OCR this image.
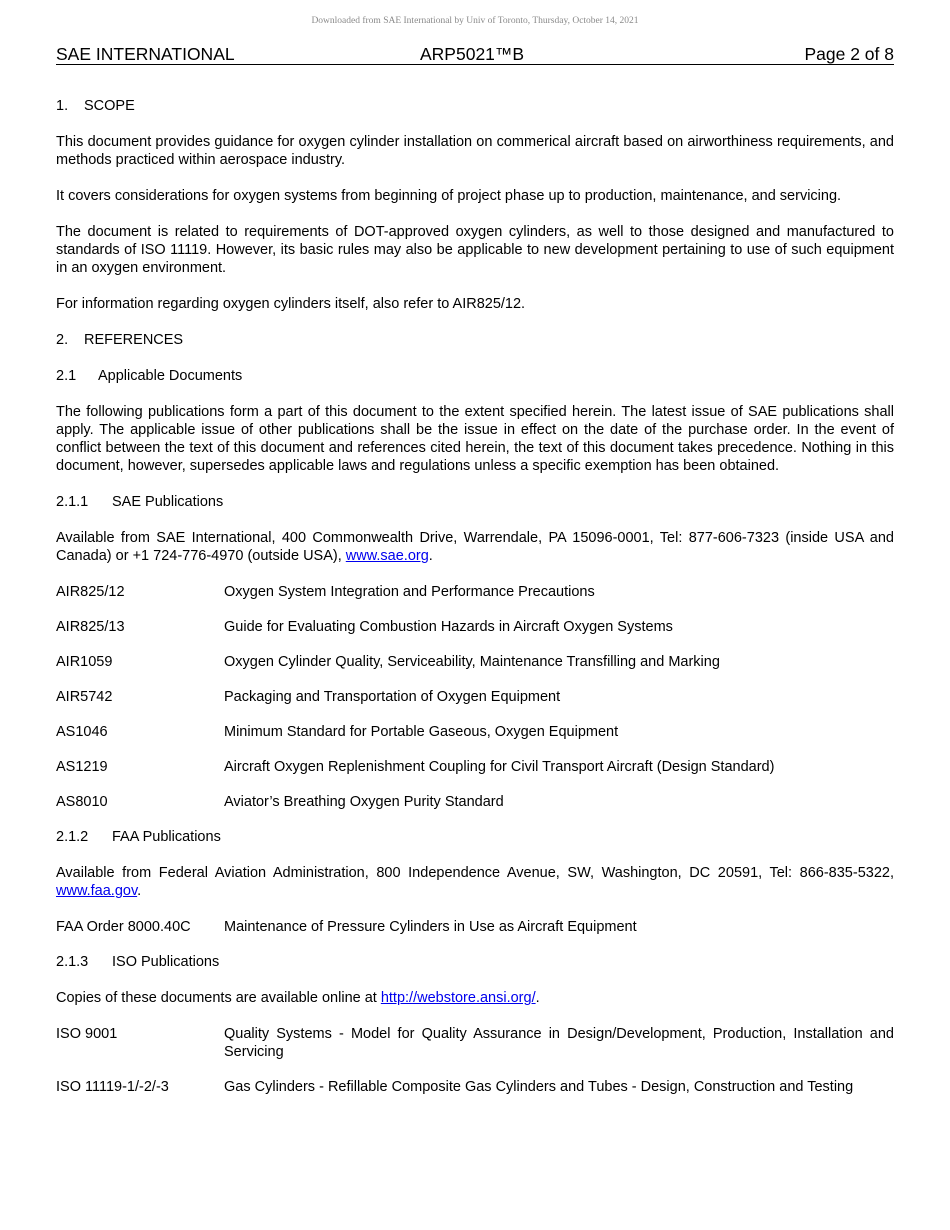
Downloaded from SAE International by Univ of Toronto, Thursday, October 14, 2021
SAE INTERNATIONAL	ARP5021™B	Page 2 of 8
1. SCOPE

This document provides guidance for oxygen cylinder installation on commerical aircraft based on airworthiness requirements, and methods practiced within aerospace industry.

It covers considerations for oxygen systems from beginning of project phase up to production, maintenance, and servicing.

The document is related to requirements of DOT-approved oxygen cylinders, as well to those designed and manufactured to standards of ISO 11119. However, its basic rules may also be applicable to new development pertaining to use of such equipment in an oxygen environment.

For information regarding oxygen cylinders itself, also refer to AIR825/12.

2. REFERENCES
2.1 Applicable Documents

The following publications form a part of this document to the extent specified herein. The latest issue of SAE publications shall apply. The applicable issue of other publications shall be the issue in effect on the date of the purchase order. In the event of conflict between the text of this document and references cited herein, the text of this document takes precedence. Nothing in this document, however, supersedes applicable laws and regulations unless a specific exemption has been obtained.

2.1.1 SAE Publications

Available from SAE International, 400 Commonwealth Drive, Warrendale, PA 15096-0001, Tel: 877-606-7323 (inside USA and Canada) or +1 724-776-4970 (outside USA), www.sae.org.

AIR825/12	Oxygen System Integration and Performance Precautions
AIR825/13	Guide for Evaluating Combustion Hazards in Aircraft Oxygen Systems
AIR1059	Oxygen Cylinder Quality, Serviceability, Maintenance Transfilling and Marking
AIR5742	Packaging and Transportation of Oxygen Equipment
AS1046	Minimum Standard for Portable Gaseous, Oxygen Equipment
AS1219	Aircraft Oxygen Replenishment Coupling for Civil Transport Aircraft (Design Standard)
AS8010	Aviator’s Breathing Oxygen Purity Standard
2.1.2 FAA Publications

Available from Federal Aviation Administration, 800 Independence Avenue, SW, Washington, DC 20591, Tel: 866-835-5322, www.faa.gov.

FAA Order 8000.40C	Maintenance of Pressure Cylinders in Use as Aircraft Equipment
2.1.3 ISO Publications

Copies of these documents are available online at http://webstore.ansi.org/.

ISO 9001	Quality Systems - Model for Quality Assurance in Design/Development, Production, Installation and Servicing
ISO 11119-1/-2/-3	Gas Cylinders - Refillable Composite Gas Cylinders and Tubes - Design, Construction and Testing
